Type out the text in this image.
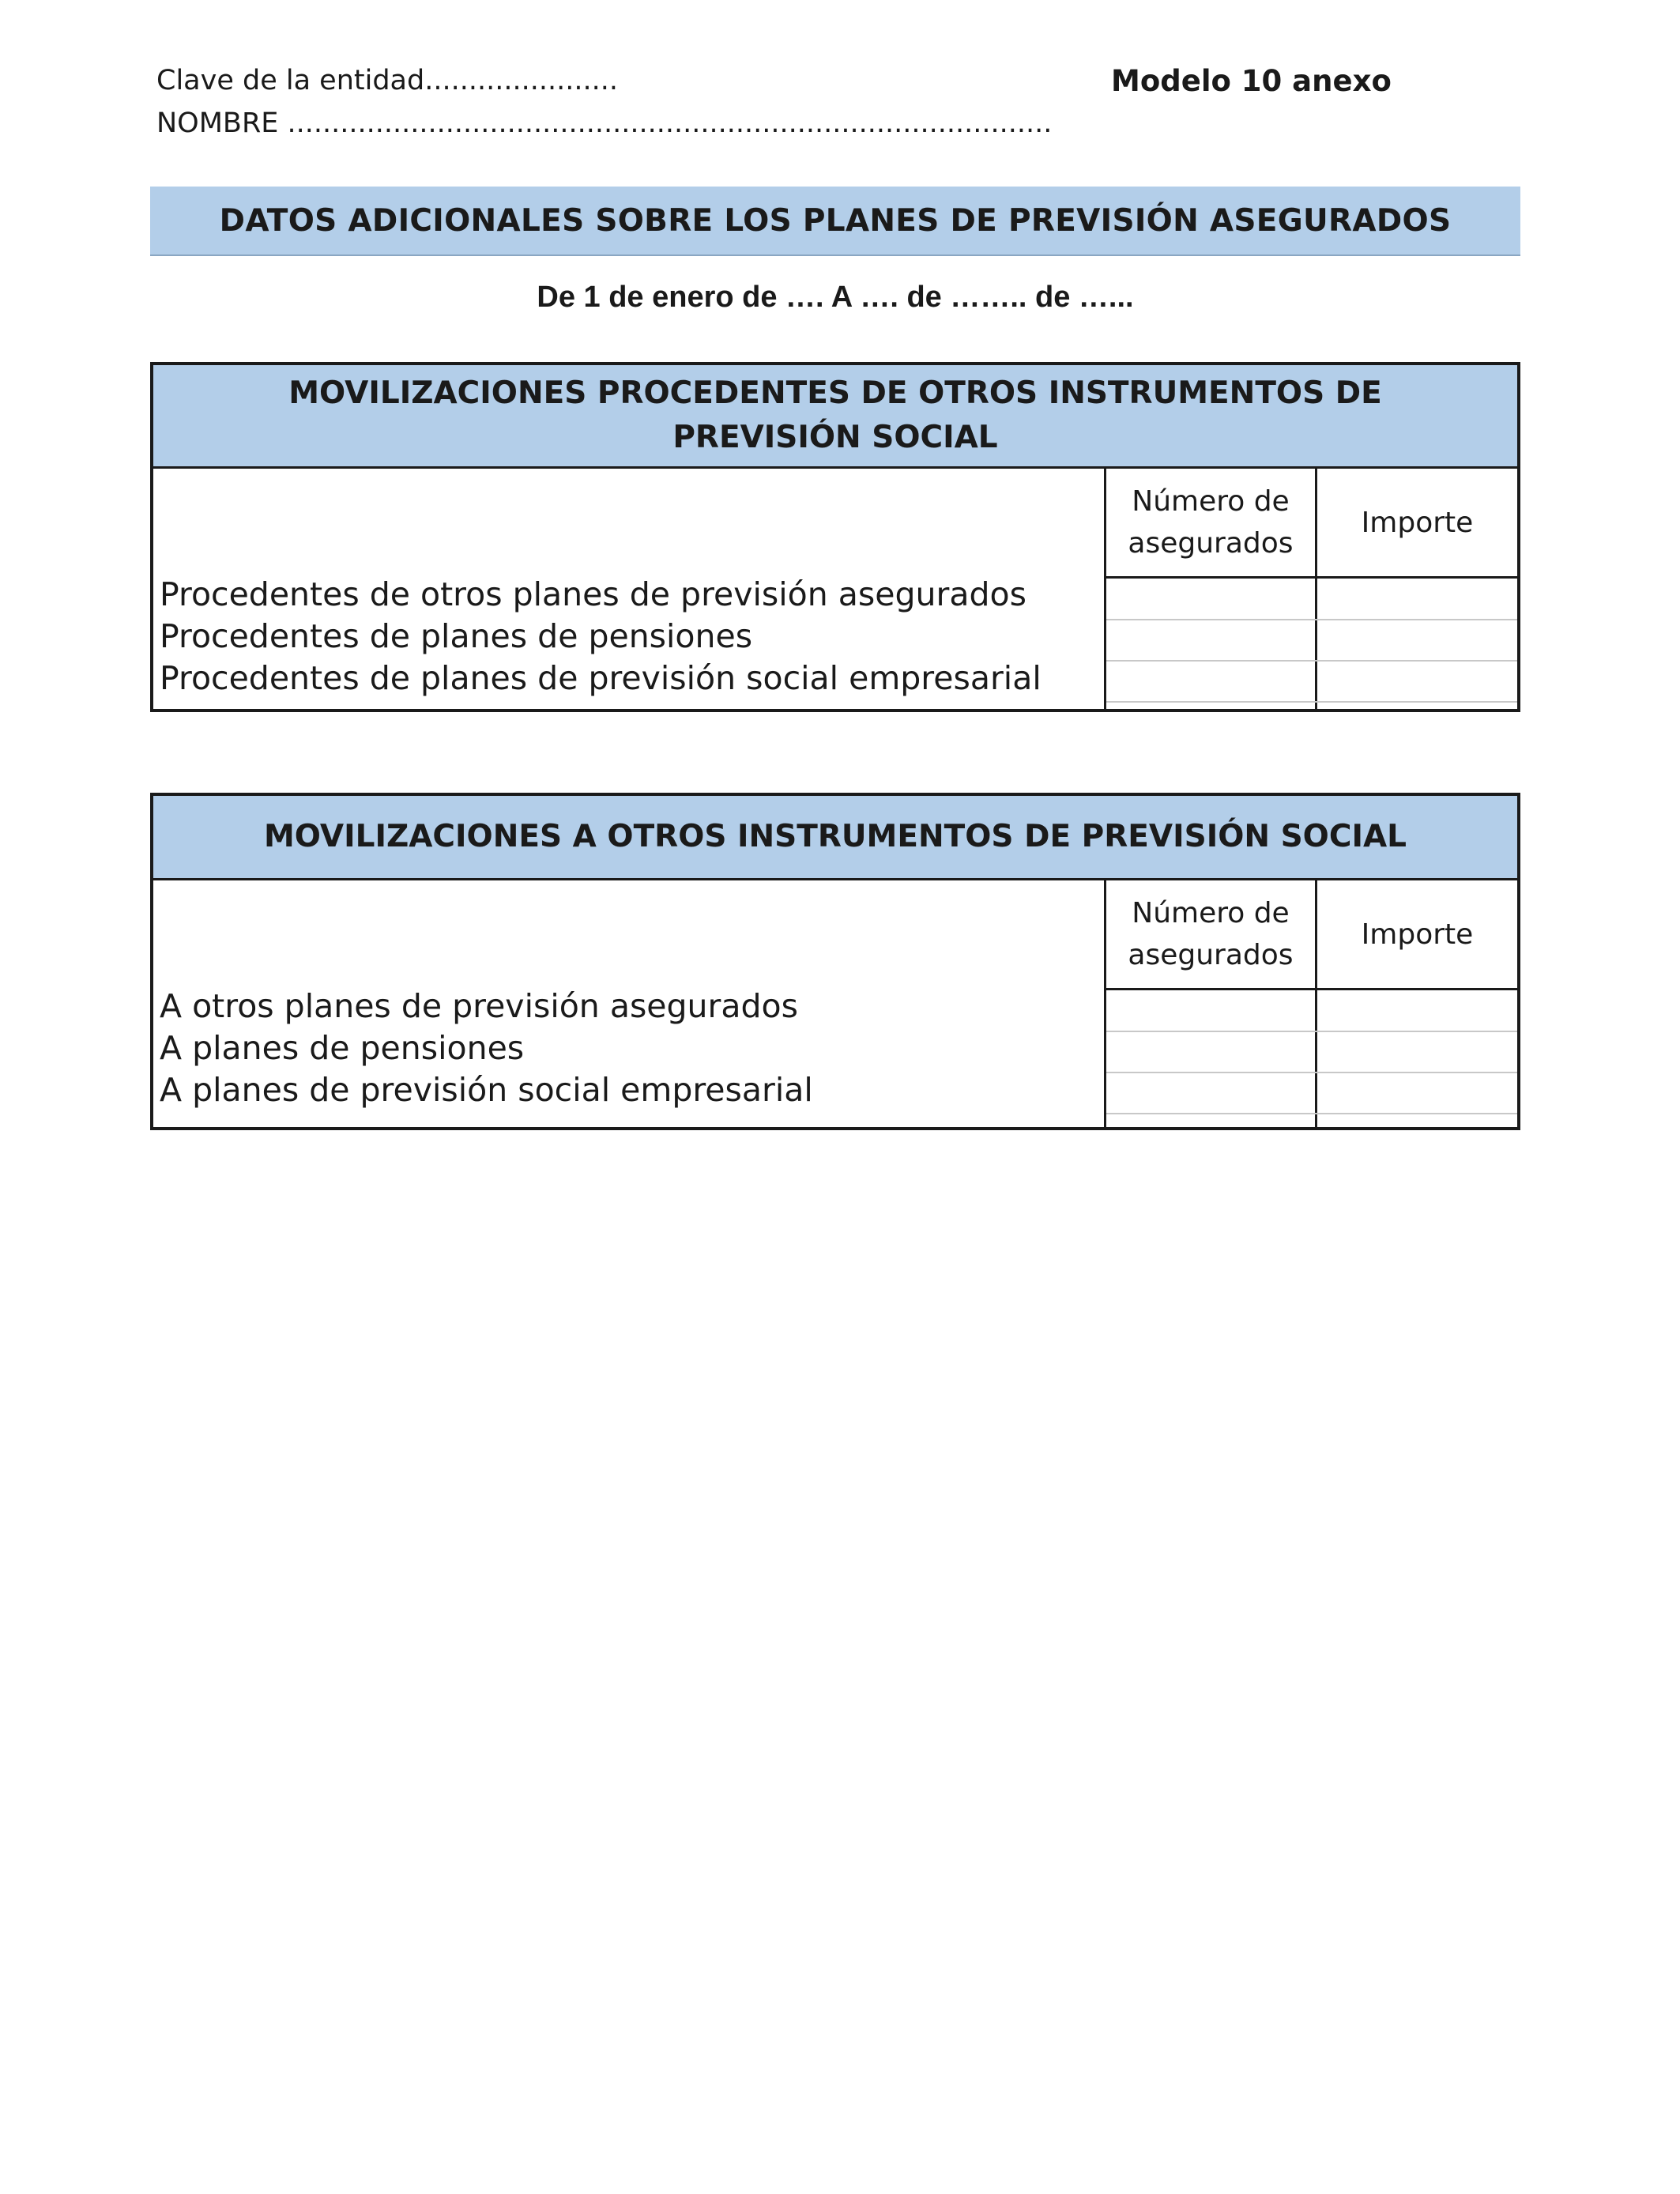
Clave de la entidad......................	Modelo 10 anexo
NOMBRE .......................................................................................
DATOS ADICIONALES SOBRE LOS PLANES DE PREVISIÓN ASEGURADOS
De 1 de enero de …. A …. de …….. de …...
MOVILIZACIONES PROCEDENTES DE OTROS INSTRUMENTOS DE
PREVISIÓN SOCIAL
Número de
asegurados
Importe
Procedentes de otros planes de previsión asegurados
Procedentes de planes de pensiones
Procedentes de planes de previsión social empresarial
MOVILIZACIONES A OTROS INSTRUMENTOS DE PREVISIÓN SOCIAL
Número de
asegurados
Importe
A otros planes de previsión asegurados
A planes de pensiones
A planes de previsión social empresarial
